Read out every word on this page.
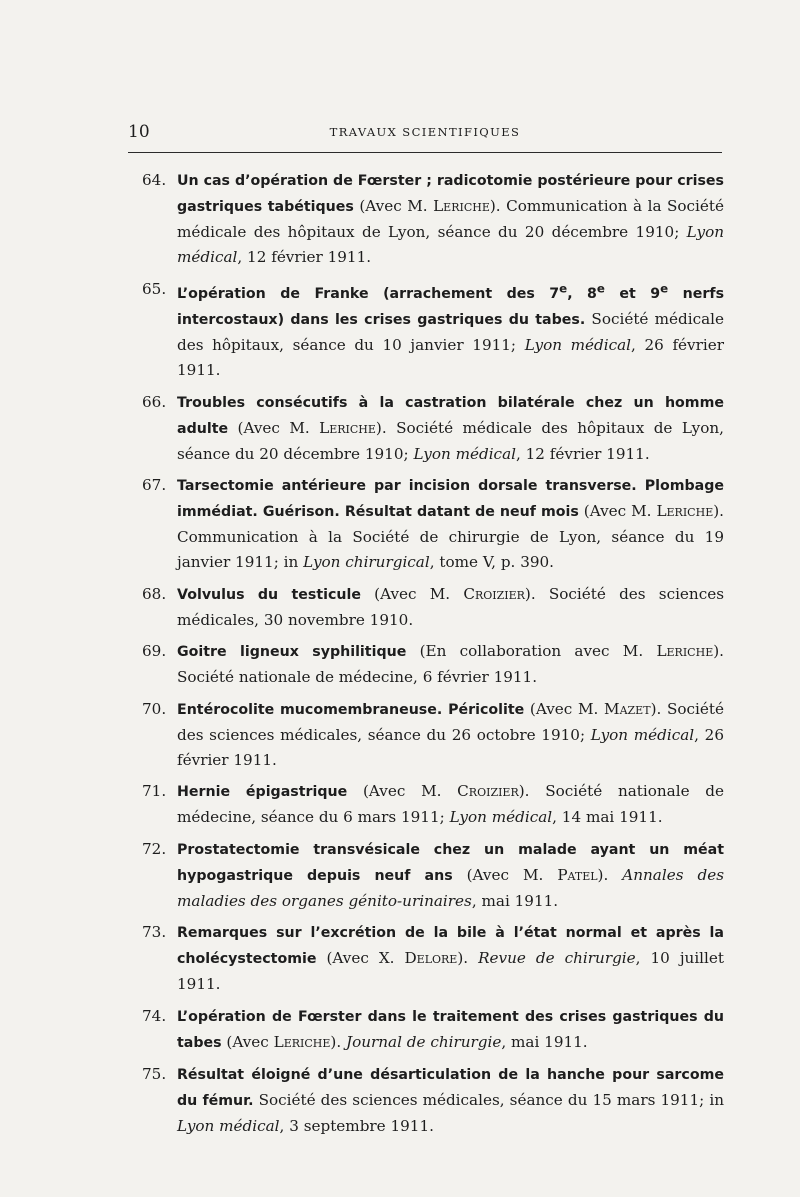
10	TRAVAUX SCIENTIFIQUES
64. Un cas d’opération de Fœrster ; radicotomie postérieure pour crises gastriques tabétiques (Avec M. Leriche). Communication à la Société médicale des hôpitaux de Lyon, séance du 20 décembre 1910; Lyon médical, 12 février 1911.
65. L’opération de Franke (arrachement des 7e, 8e et 9e nerfs intercostaux) dans les crises gastriques du tabes. Société médicale des hôpitaux, séance du 10 janvier 1911; Lyon médical, 26 février 1911.
66. Troubles consécutifs à la castration bilatérale chez un homme adulte (Avec M. Leriche). Société médicale des hôpitaux de Lyon, séance du 20 décembre 1910; Lyon médical, 12 février 1911.
67. Tarsectomie antérieure par incision dorsale transverse. Plombage immédiat. Guérison. Résultat datant de neuf mois (Avec M. Leriche). Communication à la Société de chirurgie de Lyon, séance du 19 janvier 1911; in Lyon chirurgical, tome V, p. 390.
68. Volvulus du testicule (Avec M. Croizier). Société des sciences médicales, 30 novembre 1910.
69. Goitre ligneux syphilitique (En collaboration avec M. Leriche). Société nationale de médecine, 6 février 1911.
70. Entérocolite mucomembraneuse. Péricolite (Avec M. Mazet). Société des sciences médicales, séance du 26 octobre 1910; Lyon médical, 26 février 1911.
71. Hernie épigastrique (Avec M. Croizier). Société nationale de médecine, séance du 6 mars 1911; Lyon médical, 14 mai 1911.
72. Prostatectomie transvésicale chez un malade ayant un méat hypogastrique depuis neuf ans (Avec M. Patel). Annales des maladies des organes génito-urinaires, mai 1911.
73. Remarques sur l’excrétion de la bile à l’état normal et après la cholécystectomie (Avec X. Delore). Revue de chirurgie, 10 juillet 1911.
74. L’opération de Fœrster dans le traitement des crises gastriques du tabes (Avec Leriche). Journal de chirurgie, mai 1911.
75. Résultat éloigné d’une désarticulation de la hanche pour sarcome du fémur. Société des sciences médicales, séance du 15 mars 1911; in Lyon médical, 3 septembre 1911.
